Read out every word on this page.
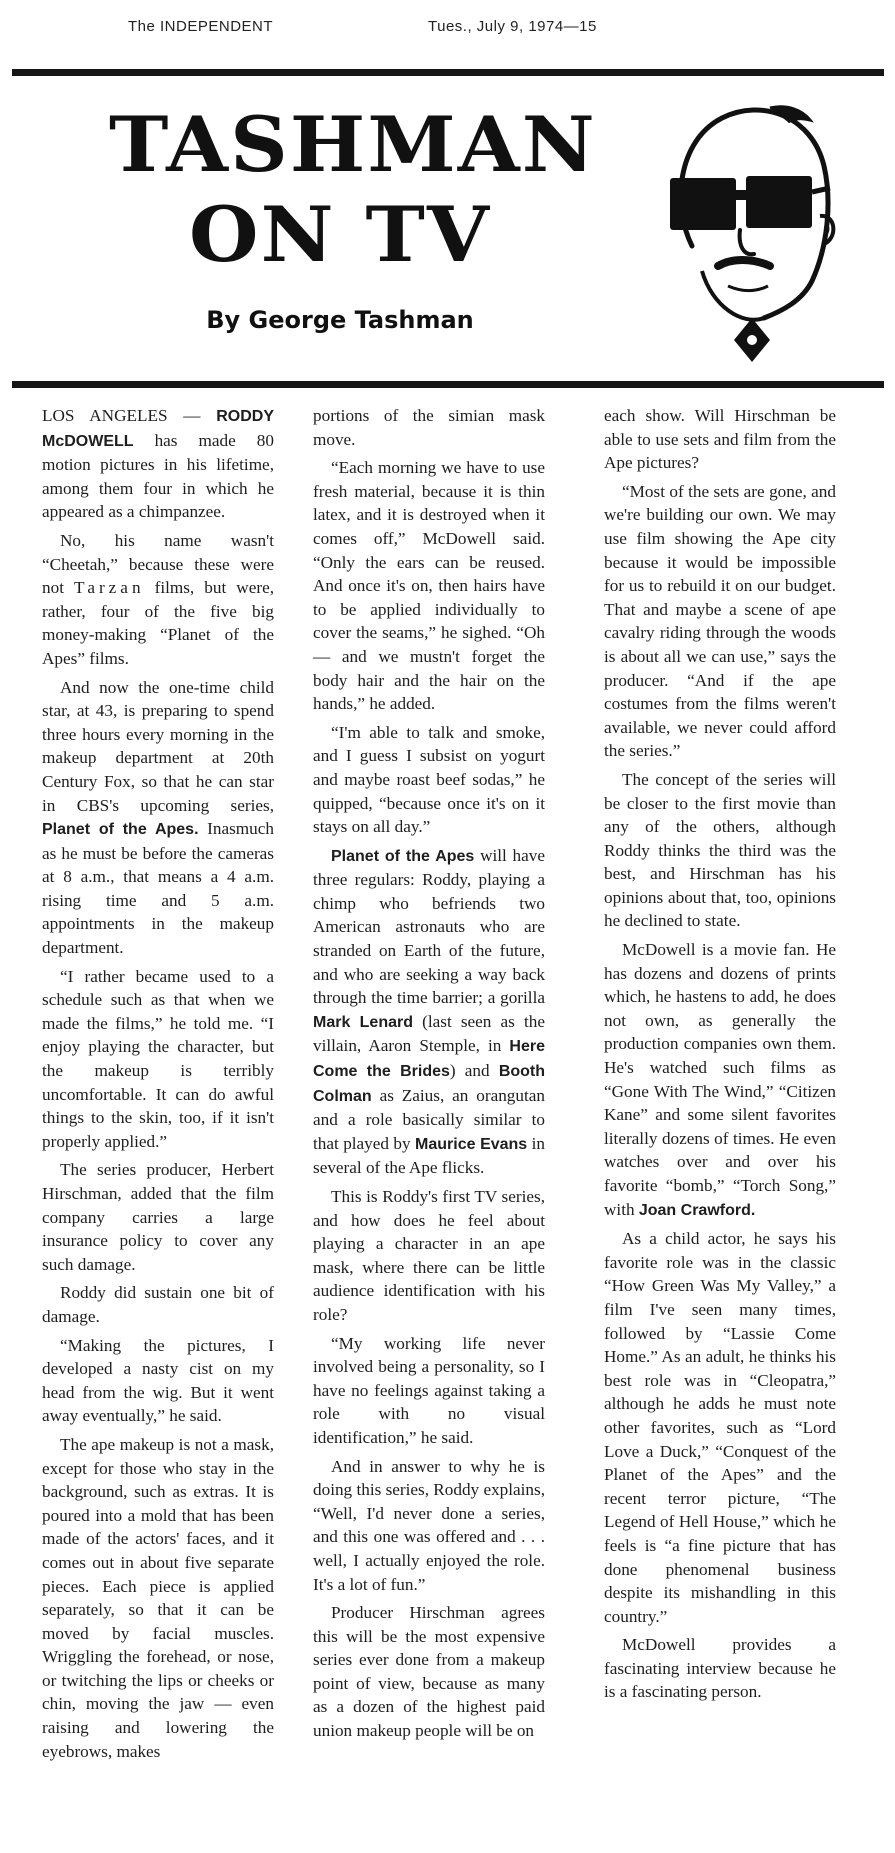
The INDEPENDENT	Tues., July 9, 1974—15
TASHMAN
ON TV
By George Tashman

LOS ANGELES — RODDY McDOWELL has made 80 motion pictures in his lifetime, among them four in which he appeared as a chimpanzee.

No, his name wasn't “Cheetah,” because these were not Tarzan films, but were, rather, four of the five big money-making “Planet of the Apes” films.

And now the one-time child star, at 43, is preparing to spend three hours every morning in the makeup department at 20th Century Fox, so that he can star in CBS's upcoming series, Planet of the Apes. Inasmuch as he must be before the cameras at 8 a.m., that means a 4 a.m. rising time and 5 a.m. appointments in the makeup department.

“I rather became used to a schedule such as that when we made the films,” he told me. “I enjoy playing the character, but the makeup is terribly uncomfortable. It can do awful things to the skin, too, if it isn't properly applied.”

The series producer, Herbert Hirschman, added that the film company carries a large insurance policy to cover any such damage.

Roddy did sustain one bit of damage.

“Making the pictures, I developed a nasty cist on my head from the wig. But it went away eventually,” he said.

The ape makeup is not a mask, except for those who stay in the background, such as extras. It is poured into a mold that has been made of the actors' faces, and it comes out in about five separate pieces. Each piece is applied separately, so that it can be moved by facial muscles. Wriggling the forehead, or nose, or twitching the lips or cheeks or chin, moving the jaw — even raising and lowering the eyebrows, makes

portions of the simian mask move.

“Each morning we have to use fresh material, because it is thin latex, and it is destroyed when it comes off,” McDowell said. “Only the ears can be reused. And once it's on, then hairs have to be applied individually to cover the seams,” he sighed. “Oh — and we mustn't forget the body hair and the hair on the hands,” he added.

“I'm able to talk and smoke, and I guess I subsist on yogurt and maybe roast beef sodas,” he quipped, “because once it's on it stays on all day.”

Planet of the Apes will have three regulars: Roddy, playing a chimp who befriends two American astronauts who are stranded on Earth of the future, and who are seeking a way back through the time barrier; a gorilla Mark Lenard (last seen as the villain, Aaron Stemple, in Here Come the Brides) and Booth Colman as Zaius, an orangutan and a role basically similar to that played by Maurice Evans in several of the Ape flicks.

This is Roddy's first TV series, and how does he feel about playing a character in an ape mask, where there can be little audience identification with his role?

“My working life never involved being a personality, so I have no feelings against taking a role with no visual identification,” he said.

And in answer to why he is doing this series, Roddy explains, “Well, I'd never done a series, and this one was offered and . . . well, I actually enjoyed the role. It's a lot of fun.”

Producer Hirschman agrees this will be the most expensive series ever done from a makeup point of view, because as many as a dozen of the highest paid union makeup people will be on

each show. Will Hirschman be able to use sets and film from the Ape pictures?

“Most of the sets are gone, and we're building our own. We may use film showing the Ape city because it would be impossible for us to rebuild it on our budget. That and maybe a scene of ape cavalry riding through the woods is about all we can use,” says the producer. “And if the ape costumes from the films weren't available, we never could afford the series.”

The concept of the series will be closer to the first movie than any of the others, although Roddy thinks the third was the best, and Hirschman has his opinions about that, too, opinions he declined to state.

McDowell is a movie fan. He has dozens and dozens of prints which, he hastens to add, he does not own, as generally the production companies own them. He's watched such films as “Gone With The Wind,” “Citizen Kane” and some silent favorites literally dozens of times. He even watches over and over his favorite “bomb,” “Torch Song,” with Joan Crawford.

As a child actor, he says his favorite role was in the classic “How Green Was My Valley,” a film I've seen many times, followed by “Lassie Come Home.” As an adult, he thinks his best role was in “Cleopatra,” although he adds he must note other favorites, such as “Lord Love a Duck,” “Conquest of the Planet of the Apes” and the recent terror picture, “The Legend of Hell House,” which he feels is “a fine picture that has done phenomenal business despite its mishandling in this country.”

McDowell provides a fascinating interview because he is a fascinating person.
